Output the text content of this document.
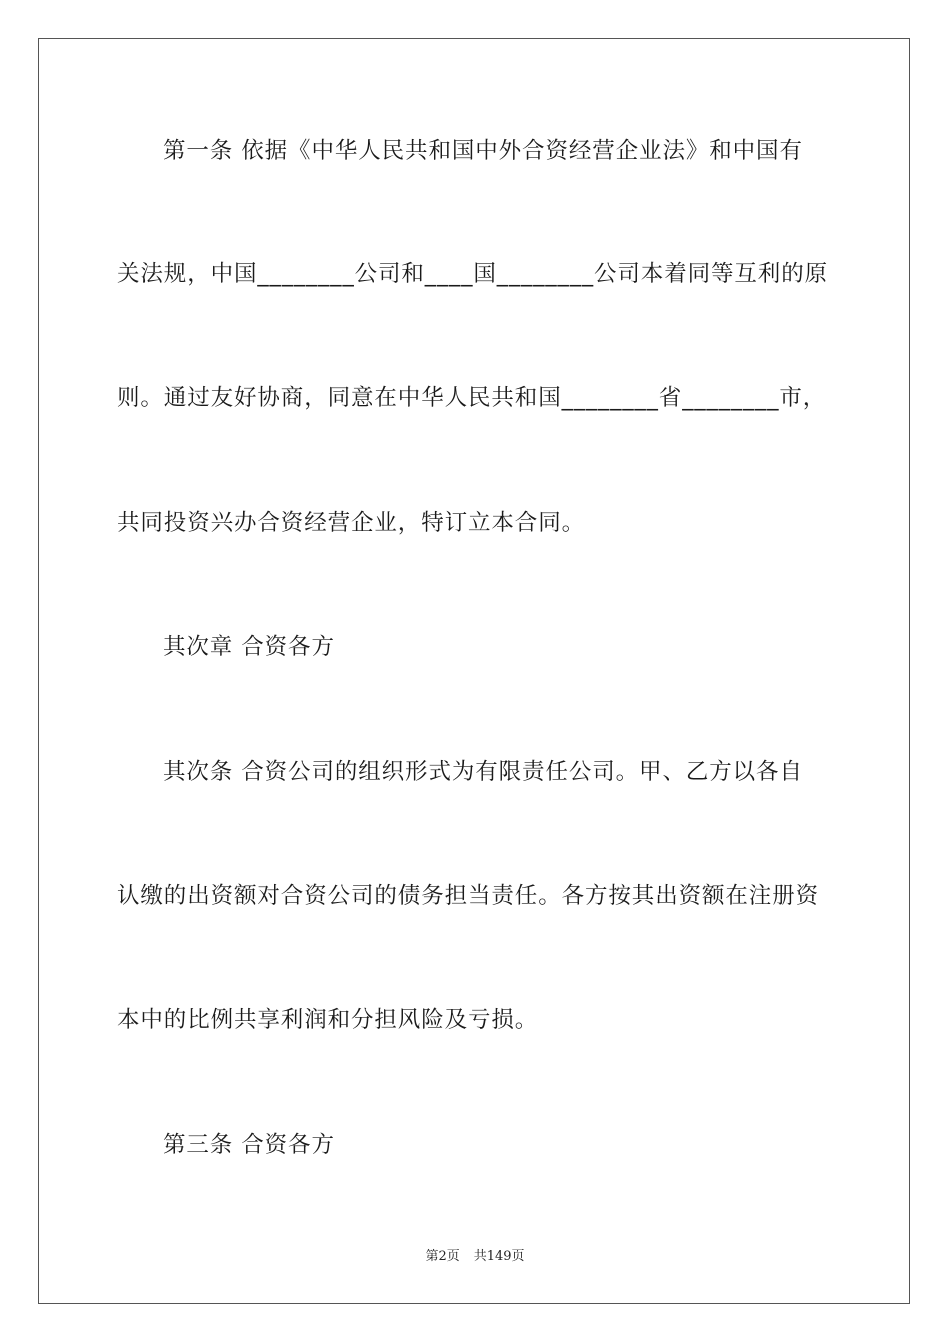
第一条 依据《中华人民共和国中外合资经营企业法》和中国有
关法规，中国________公司和____国________公司本着同等互利的原
则。通过友好协商，同意在中华人民共和国________省________市，
共同投资兴办合资经营企业，特订立本合同。
其次章 合资各方
其次条 合资公司的组织形式为有限责任公司。甲、乙方以各自
认缴的出资额对合资公司的债务担当责任。各方按其出资额在注册资
本中的比例共享利润和分担风险及亏损。
第三条 合资各方
第2页 共149页
